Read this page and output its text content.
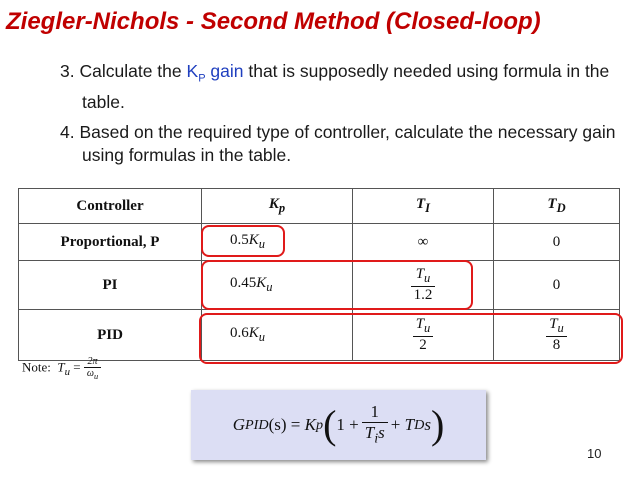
Ziegler-Nichols - Second Method (Closed-loop)
3. Calculate the $K_P$ gain that is supposedly needed using formula in the table.
4. Based on the required type of controller, calculate the necessary gain using formulas in the table.
Controller	$K_p$	$T_I$	$T_D$
Proportional, P	$0.5K_u$	∞	0
PI	$0.45K_u$	$\frac{T_u}{1.2}$	0
PID	$0.6K_u$	$\frac{T_u}{2}$	$\frac{T_u}{8}$
Note: $T_u = \frac{2\pi}{\omega_u}$
G PID (s) = K p ( $1 + \frac{1}{T_is} + T$ D s )
10
